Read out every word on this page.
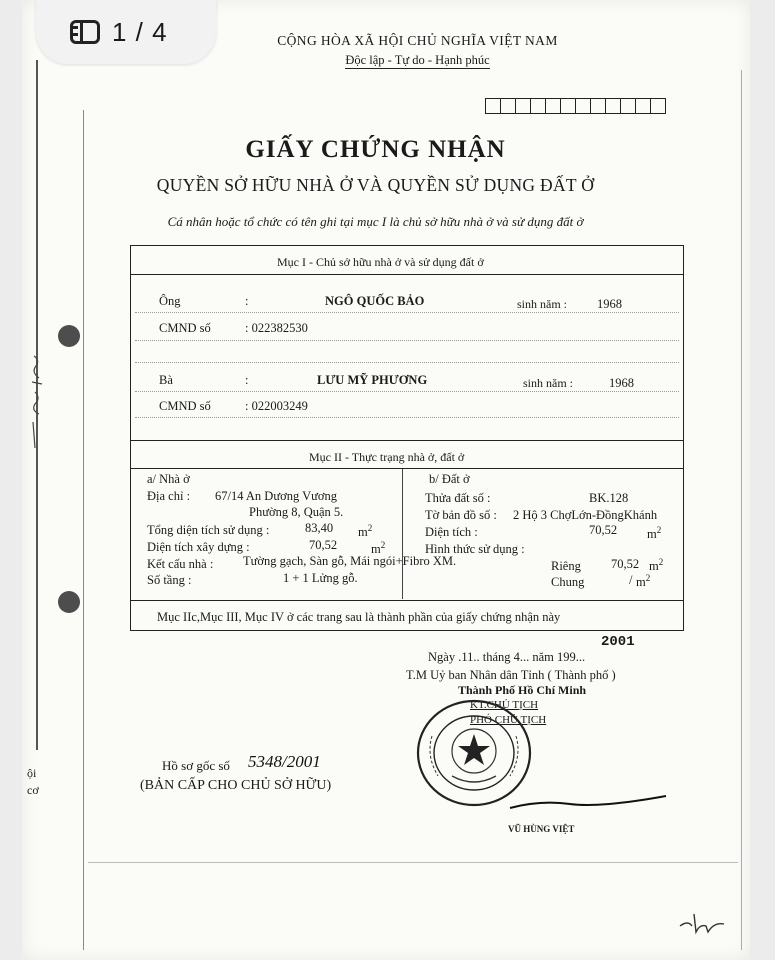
ội
cơ
1 / 4	CỘNG HÒA XÃ HỘI CHỦ NGHĨA VIỆT NAM
Độc lập - Tự do - Hạnh phúc
GIẤY CHỨNG NHẬN
QUYỀN SỞ HỮU NHÀ Ở VÀ QUYỀN SỬ DỤNG ĐẤT Ở
Cá nhân hoặc tổ chức có tên ghi tại mục I là chủ sở hữu nhà ở và sử dụng đất ở
Mục I - Chủ sở hữu nhà ở và sử dụng đất ở
Ông	:	NGÔ QUỐC BẢO	sinh năm : 1968
CMND số	: 022382530
Bà	:	LƯU MỸ PHƯƠNG	sinh năm :	1968
CMND số	: 022003249
Mục II - Thực trạng nhà ở, đất ở
a/ Nhà ở
Địa chỉ : 67/14 An Dương Vương
Phường 8, Quận 5.
Tổng diện tích sử dụng :	83,40 $m^2$
Diện tích xây dựng :	70,52	$m^2$
Kết cấu nhà : Tường gạch, Sàn gỗ, Mái ngói+Fibro XM.
Số tầng :	1 + 1 Lửng gỗ.
b/ Đất ở
Thửa đất số :	BK.128
Tờ bản đồ số : 2 Hộ 3 ChợLớn-ĐồngKhánh
Diện tích :	70,52 $m^2$
Hình thức sử dụng :
Riêng 70,52 $m^2$
Chung	/ $m^2$
Mục IIc,Mục III, Mục IV ở các trang sau là thành phần của giấy chứng nhận này
2001
Ngày .11.. tháng 4... năm 199...
T.M Uỷ ban Nhân dân Tỉnh ( Thành phố )
Thành Phố Hồ Chí Minh
KT.CHỦ TỊCH
PHÓ CHỦ TỊCH
VŨ HÙNG VIỆT
Hồ sơ gốc số 5348/2001
(BẢN CẤP CHO CHỦ SỞ HỮU)
